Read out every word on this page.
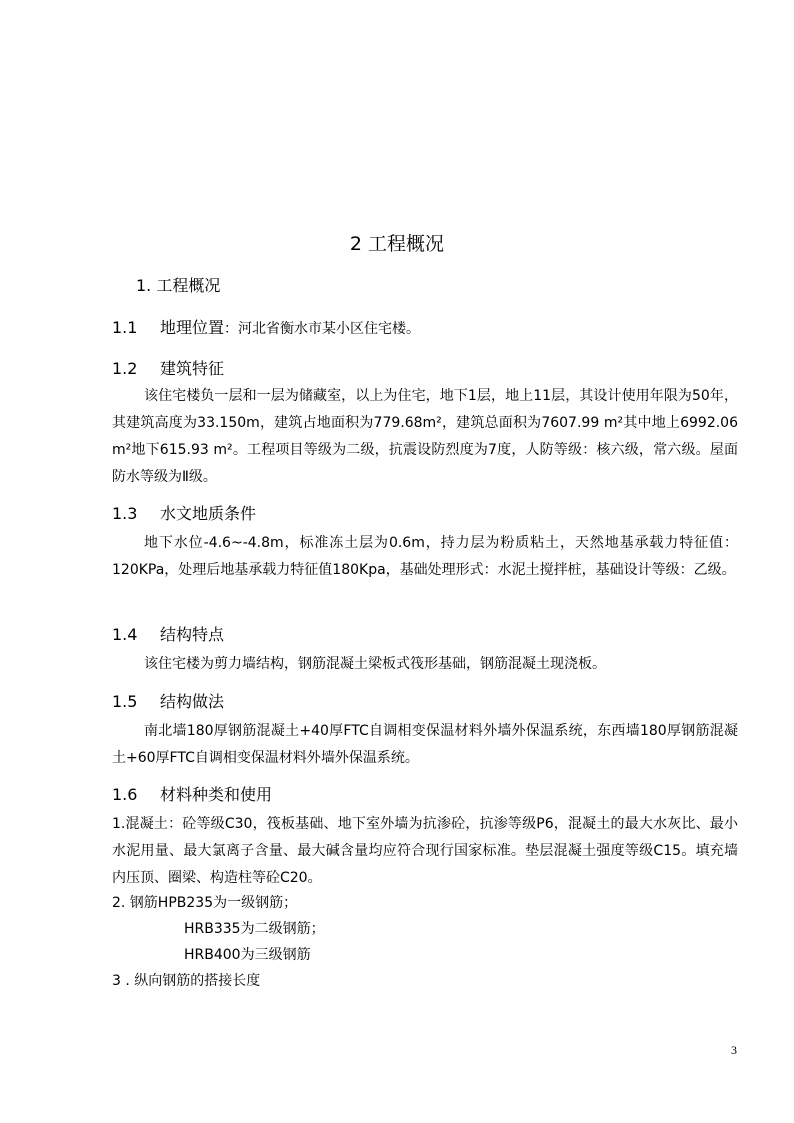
2 工程概况
1. 工程概况
1.1 地理位置：河北省衡水市某小区住宅楼。
1.2 建筑特征
该住宅楼负一层和一层为储藏室，以上为住宅，地下1层，地上11层，其设计使用年限为50年，其建筑高度为33.150m，建筑占地面积为779.68m²，建筑总面积为7607.99 m²其中地上6992.06 m²地下615.93 m²。工程项目等级为二级，抗震设防烈度为7度，人防等级：核六级，常六级。屋面防水等级为Ⅱ级。
1.3 水文地质条件
地下水位-4.6~-4.8m，标准冻土层为0.6m，持力层为粉质粘土，天然地基承载力特征值：120KPa，处理后地基承载力特征值180Kpa，基础处理形式：水泥土搅拌桩，基础设计等级：乙级。
1.4 结构特点
该住宅楼为剪力墙结构，钢筋混凝土梁板式筏形基础，钢筋混凝土现浇板。
1.5 结构做法
南北墙180厚钢筋混凝土+40厚FTC自调相变保温材料外墙外保温系统，东西墙180厚钢筋混凝土+60厚FTC自调相变保温材料外墙外保温系统。
1.6 材料种类和使用
1.混凝土：砼等级C30，筏板基础、地下室外墙为抗渗砼，抗渗等级P6，混凝土的最大水灰比、最小水泥用量、最大氯离子含量、最大碱含量均应符合现行国家标准。垫层混凝土强度等级C15。填充墙内压顶、圈梁、构造柱等砼C20。
2. 钢筋HPB235为一级钢筋；
HRB335为二级钢筋；
HRB400为三级钢筋
3 . 纵向钢筋的搭接长度
3
